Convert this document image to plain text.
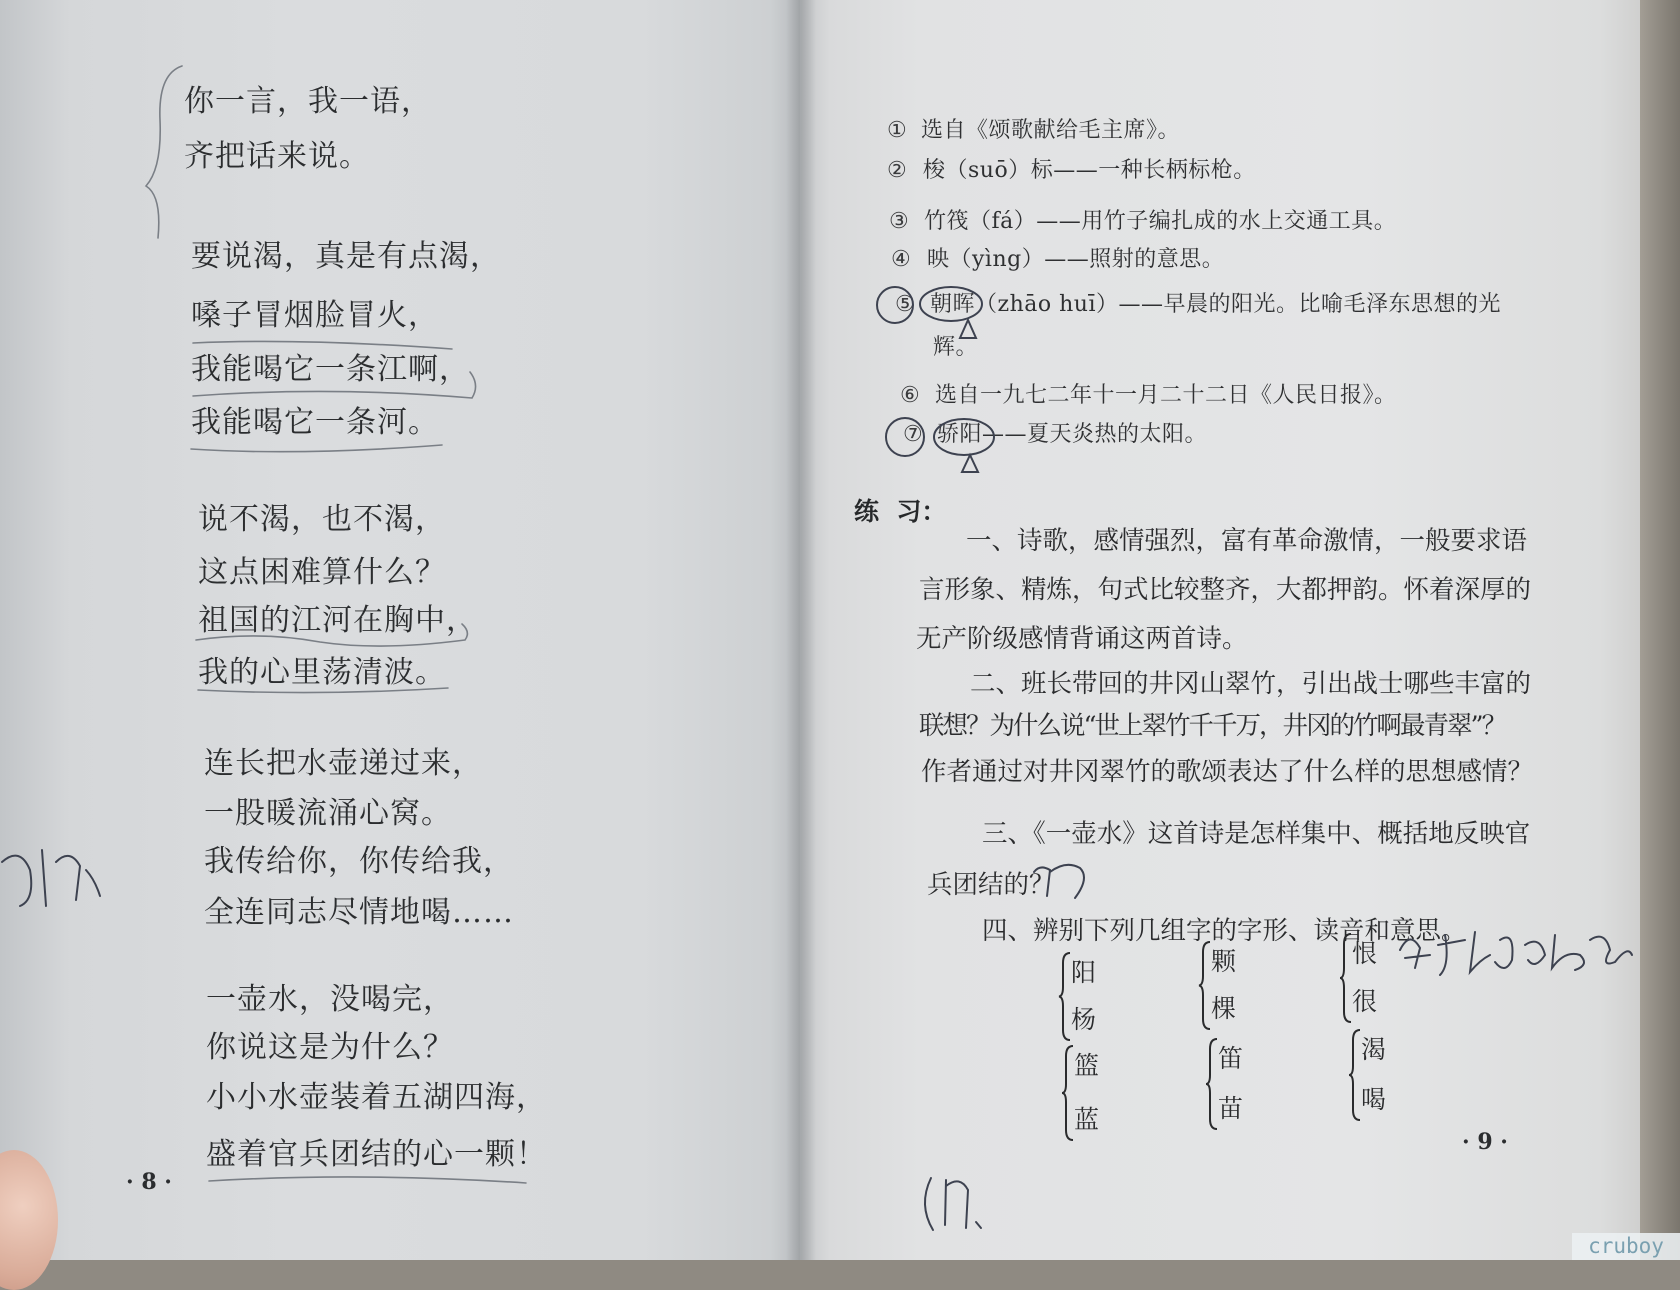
你一言，我一语，
齐把话来说。
要说渴，真是有点渴，
嗓子冒烟脸冒火，
我能喝它一条江啊，
我能喝它一条河。
说不渴，也不渴，
这点困难算什么？
祖国的江河在胸中，
我的心里荡清波。
连长把水壶递过来，
一股暖流涌心窝。
我传给你，你传给我，
全连同志尽情地喝……
一壶水，没喝完，
你说这是为什么？
小小水壶装着五湖四海，
盛着官兵团结的心一颗！
· 8 ·
① 选自《颂歌献给毛主席》。
② 梭（suō）标——一种长柄标枪。
③ 竹筏（fá）——用竹子编扎成的水上交通工具。
④ 映（yìng）——照射的意思。
⑤ 朝晖（zhāo huī）——早晨的阳光。比喻毛泽东思想的光
辉。
⑥ 选自一九七二年十一月二十二日《人民日报》。
⑦ 骄阳——夏天炎热的太阳。
练  习：
一、诗歌，感情强烈，富有革命激情，一般要求语
言形象、精炼，句式比较整齐，大都押韵。怀着深厚的
无产阶级感情背诵这两首诗。
二、班长带回的井冈山翠竹，引出战士哪些丰富的
联想？为什么说“世上翠竹千千万，井冈的竹啊最青翠”？
作者通过对井冈翠竹的歌颂表达了什么样的思想感情？
三、《一壶水》这首诗是怎样集中、概括地反映官
兵团结的？
四、辨别下列几组字的字形、读音和意思。
阳
杨
颗
棵
恨
很
篮
蓝
笛
苗
渴
喝
· 9 ·
cruboy
